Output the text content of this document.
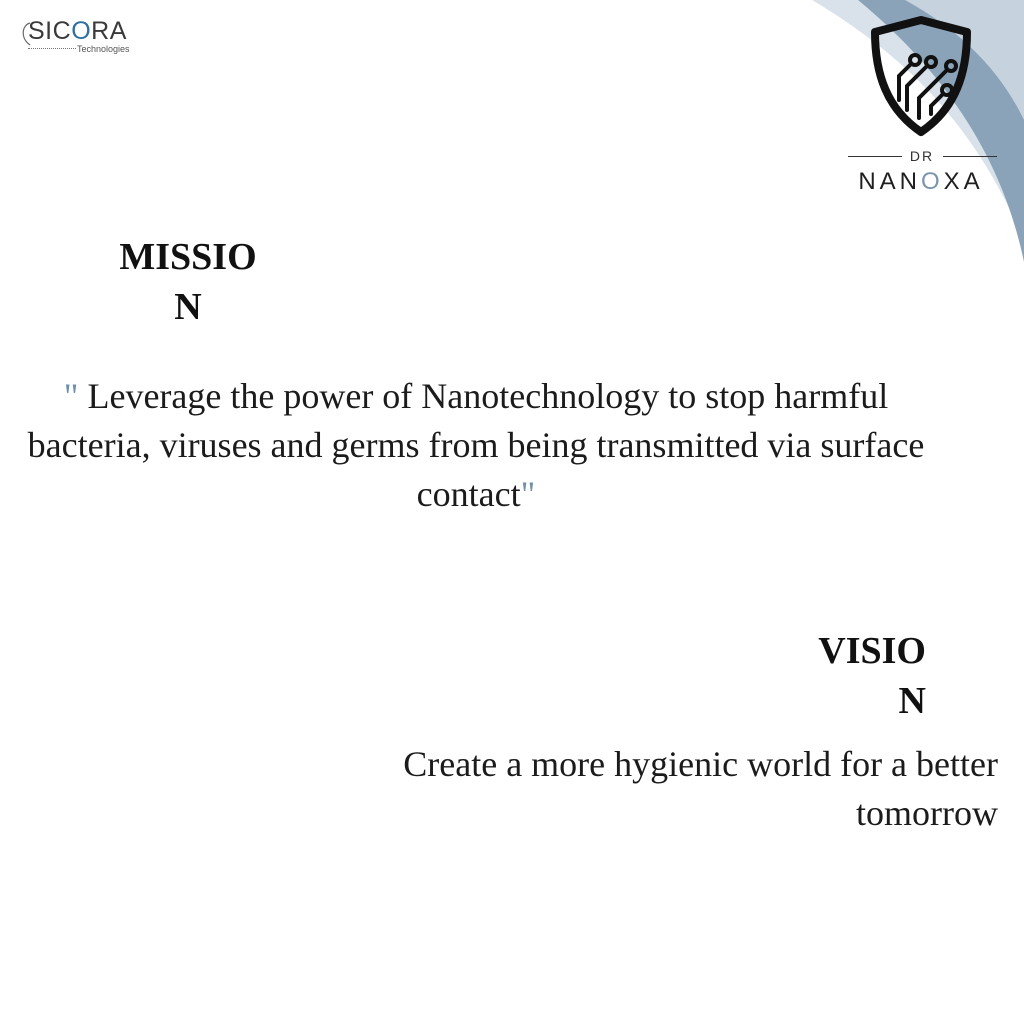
SICORA
Technologies
DR
NANOXA
MISSION
" Leverage the power of Nanotechnology to stop harmful bacteria, viruses and germs from being transmitted via surface contact"
VISION
Create a more hygienic world for a better tomorrow
